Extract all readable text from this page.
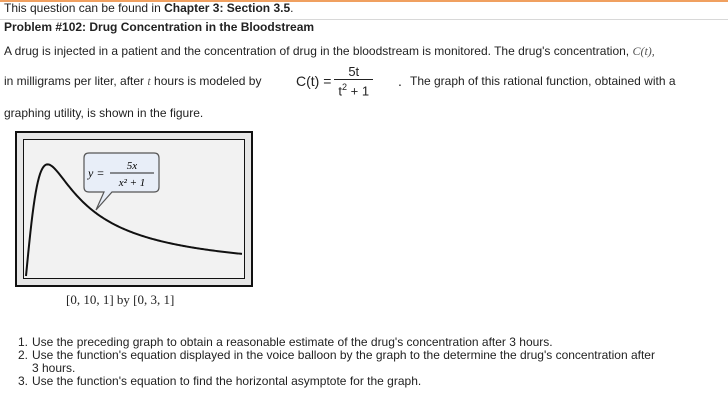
This question can be found in Chapter 3: Section 3.5.
Problem #102: Drug Concentration in the Bloodstream
A drug is injected in a patient and the concentration of drug in the bloodstream is monitored. The drug's concentration, C(t),
in milligrams per liter, after t hours is modeled by $C(t) = \frac{5t}{t^2 + 1}$ . The graph of this rational function, obtained with a
graphing utility, is shown in the figure.
y = 5x
x² + 1
[0, 10, 1] by [0, 3, 1]
1. Use the preceding graph to obtain a reasonable estimate of the drug's concentration after 3 hours.
2. Use the function's equation displayed in the voice balloon by the graph to the determine the drug's concentration after
3 hours.
3. Use the function's equation to find the horizontal asymptote for the graph.
